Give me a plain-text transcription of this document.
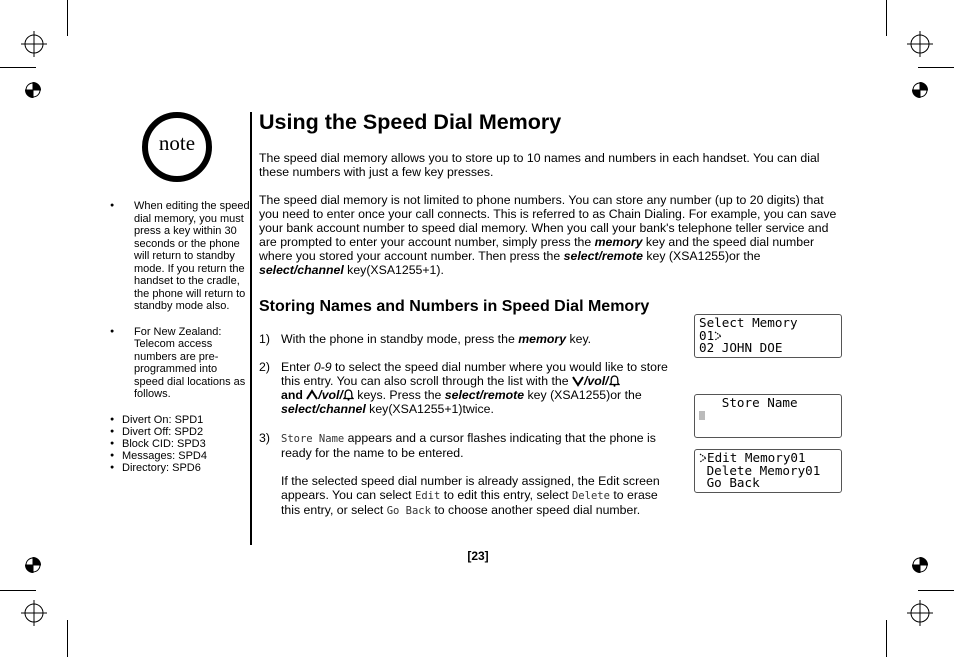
note
● When editing the speed dial memory, you must press a key within 30 seconds or the phone will return to standby mode. If you return the handset to the cradle, the phone will return to standby mode also.
● For New Zealand: Telecom access numbers are pre-programmed into speed dial locations as follows.
● Divert On: SPD1
● Divert Off: SPD2
● Block CID: SPD3
● Messages: SPD4
● Directory: SPD6
Using the Speed Dial Memory

The speed dial memory allows you to store up to 10 names and numbers in each handset. You can dial these numbers with just a few key presses.

The speed dial memory is not limited to phone numbers. You can store any number (up to 20 digits) that you need to enter once your call connects. This is referred to as Chain Dialing. For example, you can save your bank account number to speed dial memory. When you call your bank's telephone teller service and are prompted to enter your account number, simply press the memory key and the speed dial number where you stored your account number. Then press the select/remote key (XSA1255)or the select/channel key(XSA1255+1).

Storing Names and Numbers in Speed Dial Memory
1) With the phone in standby mode, press the memory key.
2) Enter 0-9 to select the speed dial number where you would like to store this entry. You can also scroll through the list with the /vol/
and /vol/ keys. Press the select/remote key (XSA1255)or the select/channel key(XSA1255+1)twice.
3) Store Name appears and a cursor flashes indicating that the phone is ready for the name to be entered.
If the selected speed dial number is already assigned, the Edit screen appears. You can select Edit to edit this entry, select Delete to erase this entry, or select Go Back to choose another speed dial number.
Select Memory
01
02 JOHN DOE
Store Name
Edit Memory01
Delete Memory01
Go Back
[23]
